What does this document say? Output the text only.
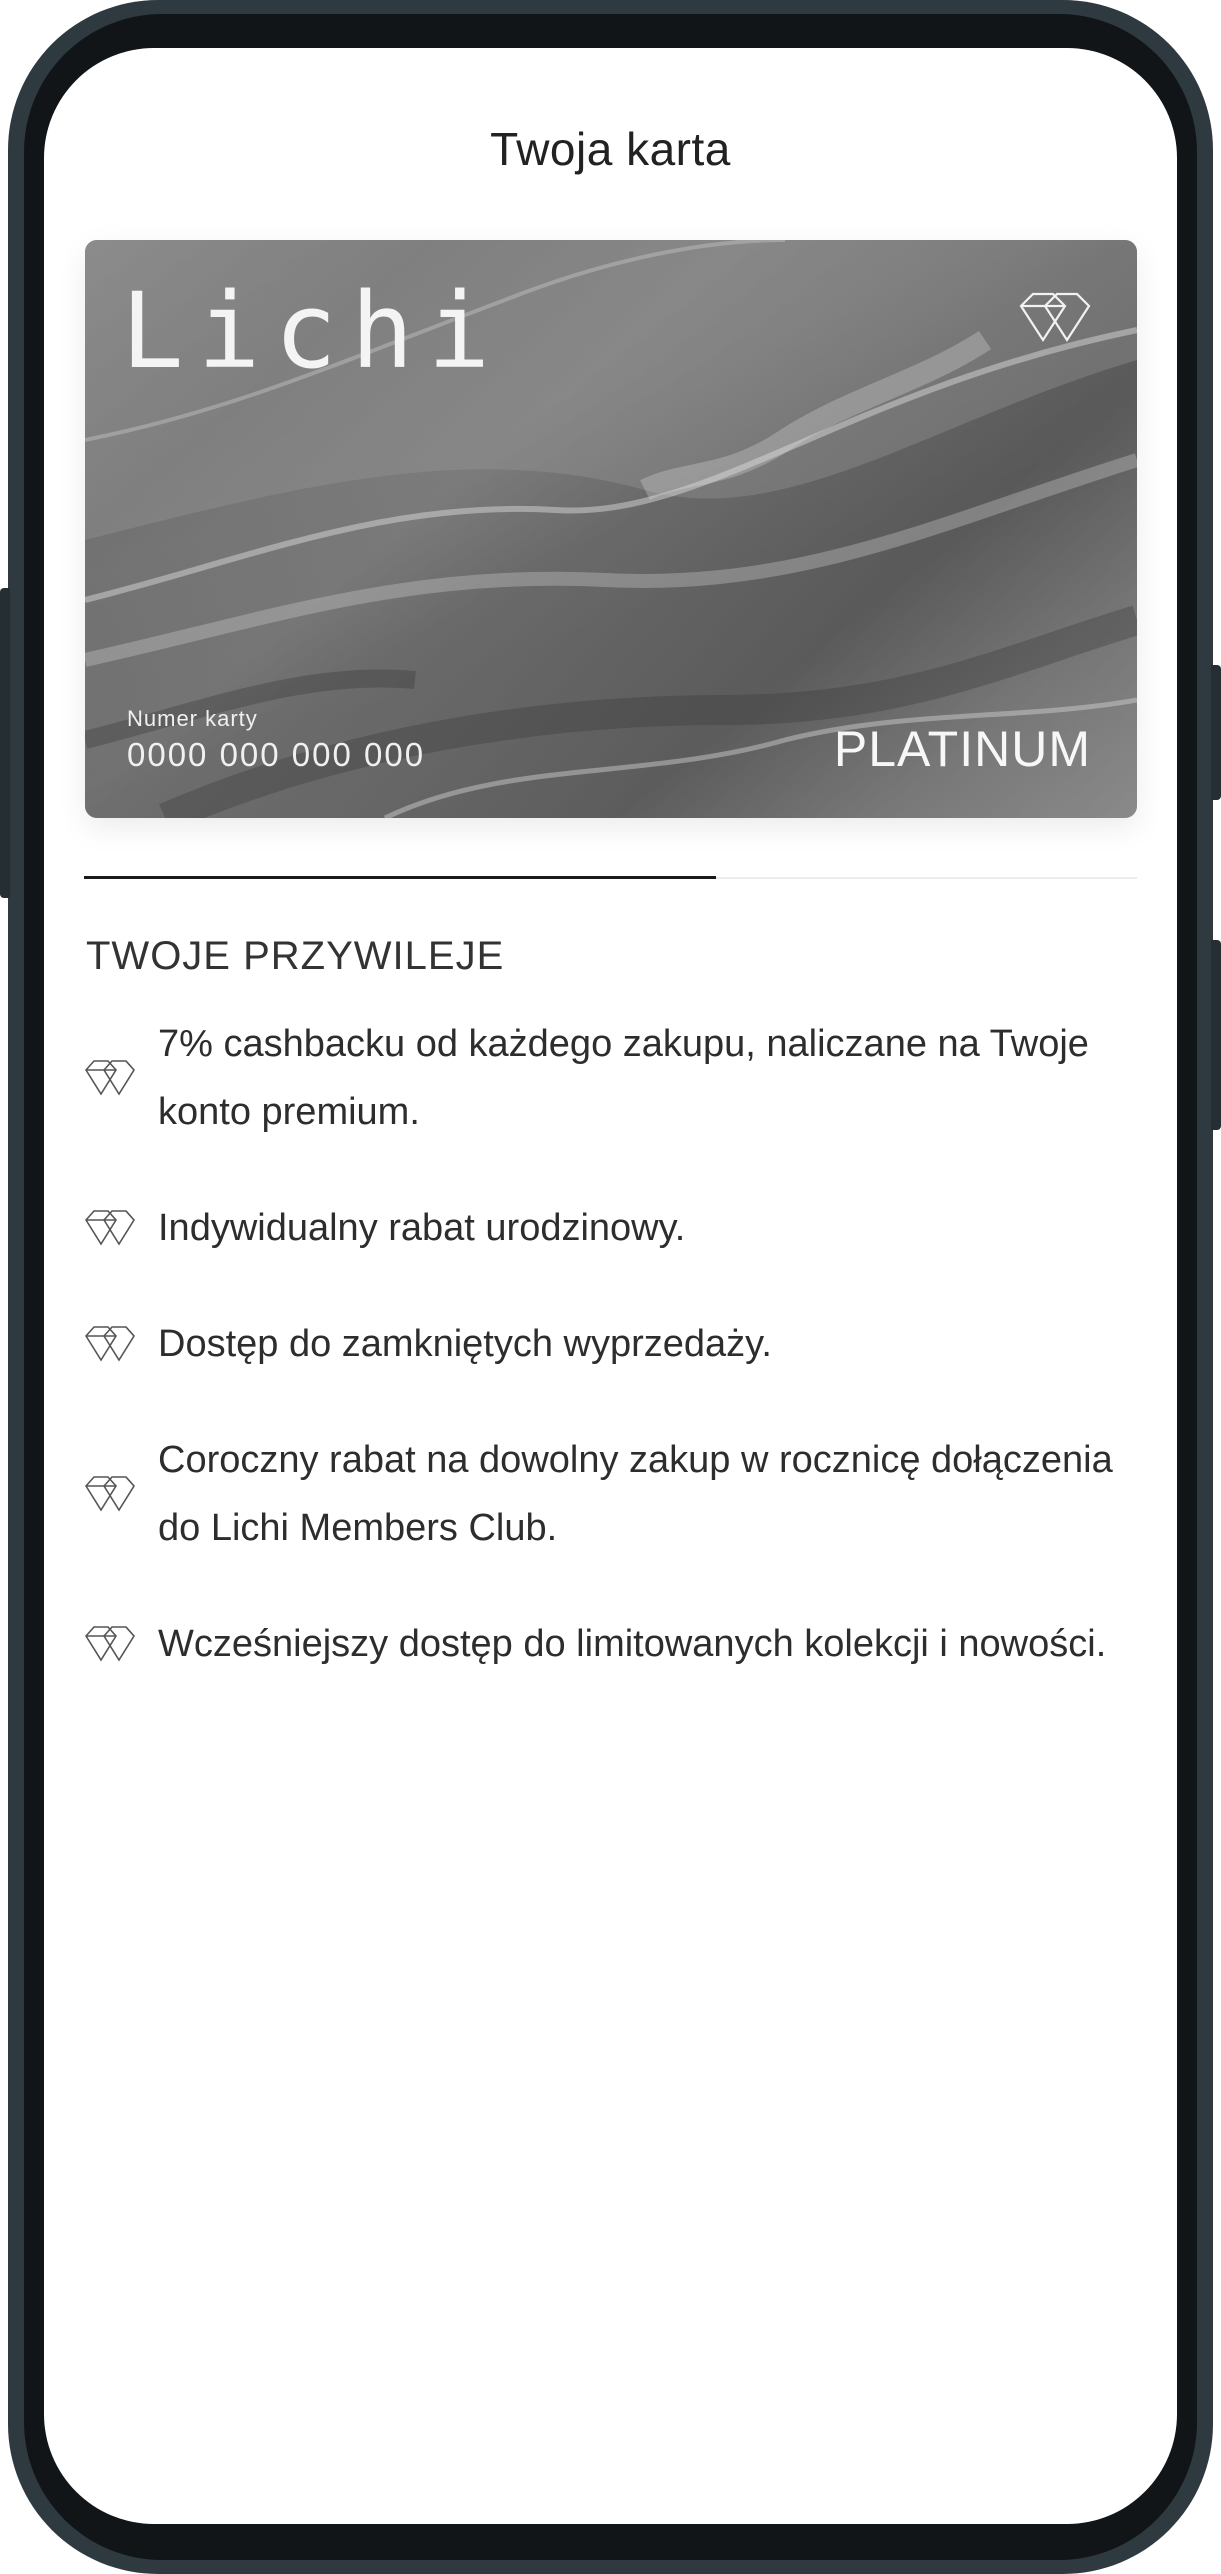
Twoja karta
Lichi
Numer karty
0000 000 000 000	PLATINUM
TWOJE PRZYWILEJE
7% cashbacku od każdego zakupu, naliczane na Twoje konto premium.
Indywidualny rabat urodzinowy.
Dostęp do zamkniętych wyprzedaży.
Coroczny rabat na dowolny zakup w rocznicę dołączenia do Lichi Members Club.
Wcześniejszy dostęp do limitowanych kolekcji i nowości.
